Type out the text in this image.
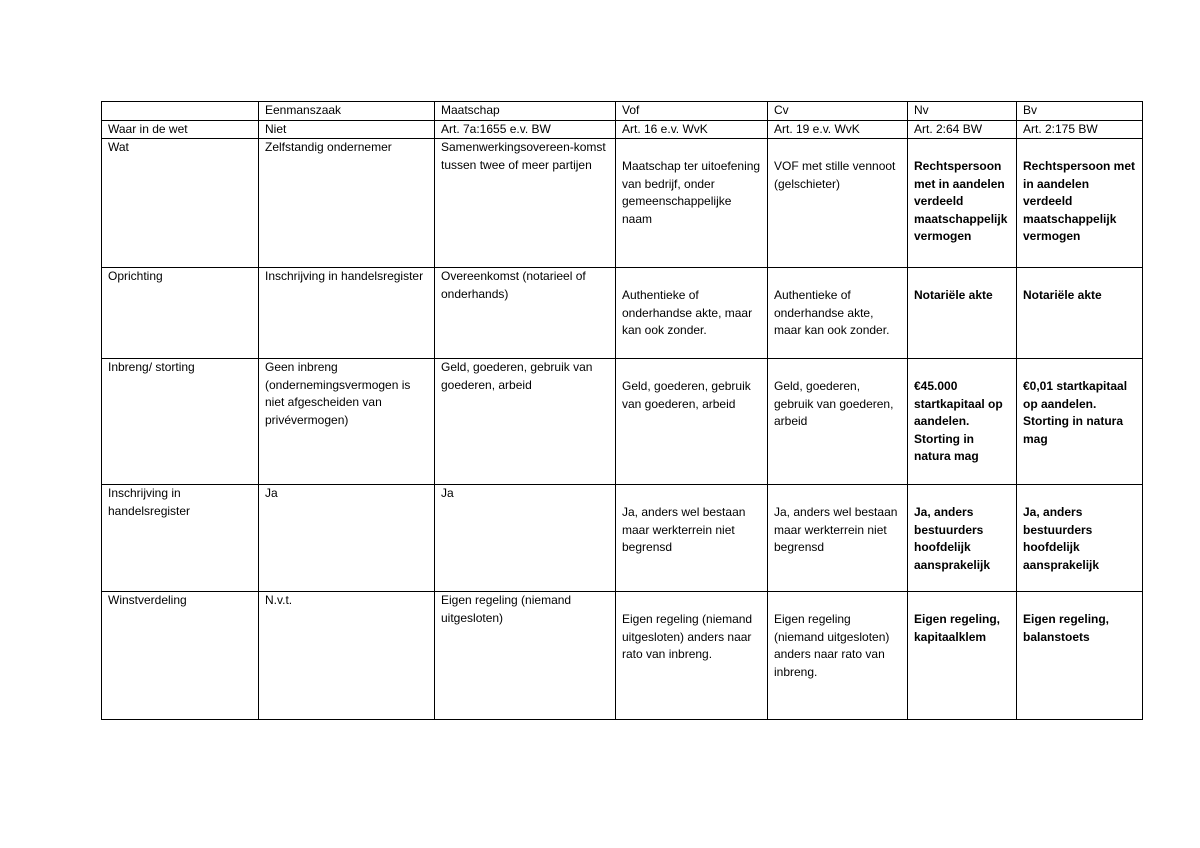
	Eenmanszaak	Maatschap	Vof	Cv	Nv	Bv
Waar in de wet	Niet	Art. 7a:1655 e.v. BW	Art. 16 e.v. WvK	Art. 19 e.v. WvK	Art. 2:64 BW	Art. 2:175 BW
Wat	Zelfstandig ondernemer	Samenwerkingsovereen-komst tussen twee of meer partijen	Maatschap ter uitoefening van bedrijf, onder gemeenschappelijke naam	VOF met stille vennoot (gelschieter)	Rechtspersoon met in aandelen verdeeld maatschappelijk vermogen	Rechtspersoon met in aandelen verdeeld maatschappelijk vermogen

Oprichting	Inschrijving in handelsregister	Overeenkomst (notarieel of onderhands)	Authentieke of onderhandse akte, maar kan ook zonder.	Authentieke of onderhandse akte, maar kan ook zonder.	Notariële akte	Notariële akte

Inbreng/ storting	Geen inbreng (ondernemingsvermogen is niet afgescheiden van privévermogen)	Geld, goederen, gebruik van goederen, arbeid	Geld, goederen, gebruik van goederen, arbeid	Geld, goederen, gebruik van goederen, arbeid	€45.000 startkapitaal op aandelen. Storting in natura mag	€0,01 startkapitaal op aandelen. Storting in natura mag

Inschrijving in handelsregister	Ja	Ja	Ja, anders wel bestaan maar werkterrein niet begrensd	Ja, anders wel bestaan maar werkterrein niet begrensd	Ja, anders bestuurders hoofdelijk aansprakelijk	Ja, anders bestuurders hoofdelijk aansprakelijk

Winstverdeling	N.v.t.	Eigen regeling (niemand uitgesloten)	Eigen regeling (niemand uitgesloten) anders naar rato van inbreng.	Eigen regeling (niemand uitgesloten) anders naar rato van inbreng.	Eigen regeling, kapitaalklem	Eigen regeling, balanstoets
